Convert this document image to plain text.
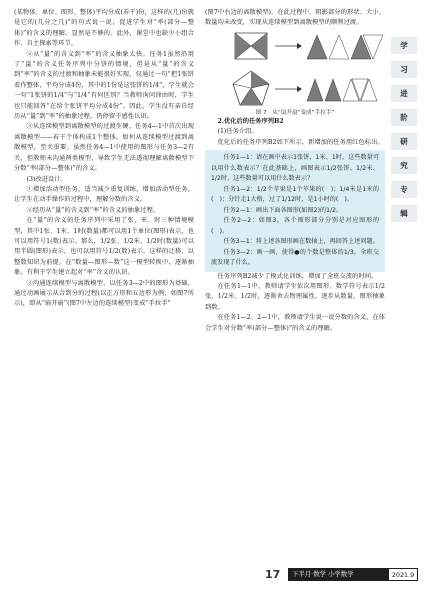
(某物体、单位、图形、整体)平均分成(若干)份，这样的(几)份就是它的(几分之几)”的句式说一说，促进学生对“率(部分—整体)”的含义的理解。显然是不够的。此外，课堂中也缺少小组合作、自主探索等环节。

②从“量”的含义到“率”的含义抽象太快。任务1虽然沿用了“量”的含义任务序列中分饼的情境，但是从“量”的含义到“率”的含义的过渡和抽象未能很好实现，仅通过一句“把1张饼看作整体，平均分成4份，其中的1份是这张饼的1/4”，学生就会一句“1张饼的1/4”与“1/4”有何区别？当教师询问徐由时，学生也只能回答“在给个张饼平均分成4份”。因此，学生没有亲自经历从“量”到“率”的抽象过程，仍停留于感性认识。

③从连续模型到离散模型的过渡生硬。任务4—1中首次出现离散模型——若干个体构成1个整体。如何从连续模型过渡到离散模型，至关重要。虽然任务4—1中使用的图形与任务3—2有关，但教师未沟通两类模型，导致学生无法透彻理解离散模型下分数“率(部分—整体)”的含义。

(3)改进设计。

①增加活动型任务，适当减少重复训练，增加活动型任务，让学生在动手操作的过程中，理解分数的含义。

②经历从“量”的含义到“率”的含义的抽象过程。

在“量”的含义的任务序列中采用了张、米、时三种情境模型，其中1张、1米、1时(数量)都可以用1个单位(图形)表示，也可以用符号1(数)表示。那么，1/2张、1/2米、1/2时(数量)可以用半圆(图形)表示，也可以用符号1/2(数)表示。这样的迁移，以整数知识为前提，在“数量—图形—数”这一模型转换中，逐渐抽象，有利于学生建立起对“率”含义的认识。

③沟通连续模型与离散模型，以任务3—2中的图形为基础，通过动画展示从合到分的过程(以正方形和五边形为例，如图7所示)，即从“扇开扇”(图7中左边的连续模型)变成“手拉手”

(图7中右边的离散模型)。在此过程中，阴影部分的形状、大小、数量均未改变，实现从连续模型到离散模型的顺利过渡。

图 7　从“扇开扇”变成“手拉手”

2.优化后的任务序列B2

(1)任务介绍。

优化后的任务序列B2如下所示，新增加的任务用红色标出。

任务1—1：请在画中表示1张饼、1米、1时。这些数量可以用什么数表示？在此基础上，画图表示1/2张饼、1/2米、1/2时，这些数量可以用什么数表示？

任务1—2：1/2个苹果是1个苹果的(　)；1/4米是1米的(　)；分针走1大格，过了1/12时，是1小时的(　)。

任务2—1：画出下面各图形(如图2)的1/2。

任务2—2：如图3，各个图形部分分别是对应图形的(　)。

任务3—1：将上述各图形画在数轴上，再回答上述问题。

任务3—2：画一画，使得●的个数是整体的1/3，全班交流发现了什么。

任务序列B2减少了模式化训练，增加了全班交流的时间。

在任务1—1中，教师请学生依次用图形、数学符号表示1/2张、1/2米、1/2时，逐渐舍去物理属性，逐步从数量、图形抽象到数。

在任务1—2、2—1中，教师请学生说一说分数的含义，在体会学生对分数“率(部分—整体)”的含义的理解。

学
习
进
阶
研
究
专
辑
17	下半月·数学 小学数学	2021.9
